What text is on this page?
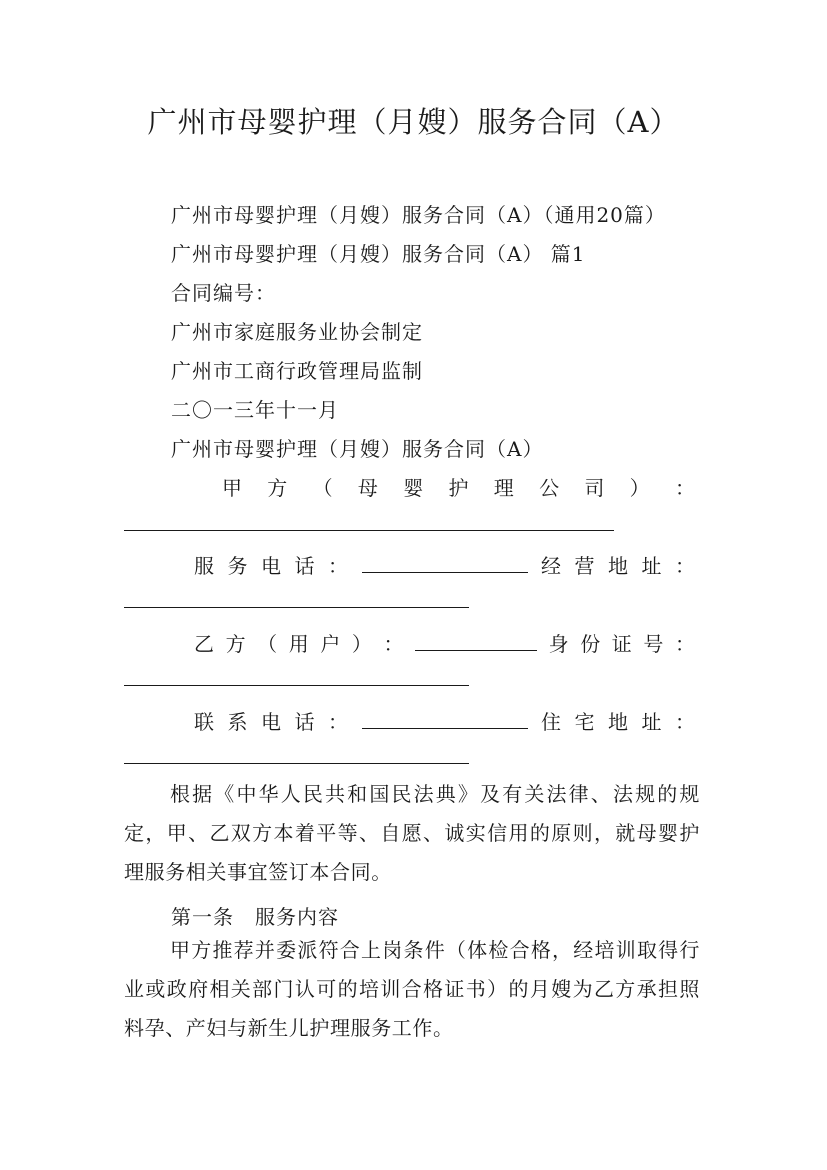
广州市母婴护理（月嫂）服务合同（A）
广州市母婴护理（月嫂）服务合同（A）（通用20篇）
广州市母婴护理（月嫂）服务合同（A） 篇1
合同编号：
广州市家庭服务业协会制定
广州市工商行政管理局监制
二〇一三年十一月
广州市母婴护理（月嫂）服务合同（A）
甲 方 （ 母 婴 护 理 公 司 ） ：
服 务 电 话 ：	经 营 地 址 ：
乙 方 （ 用 户 ） ：	身 份 证 号 ：
联 系 电 话 ：	住 宅 地 址 ：
根据《中华人民共和国民法典》及有关法律、法规的规定，甲、乙双方本着平等、自愿、诚实信用的原则，就母婴护理服务相关事宜签订本合同。
第一条　服务内容
甲方推荐并委派符合上岗条件（体检合格，经培训取得行业或政府相关部门认可的培训合格证书）的月嫂为乙方承担照料孕、产妇与新生儿护理服务工作。
